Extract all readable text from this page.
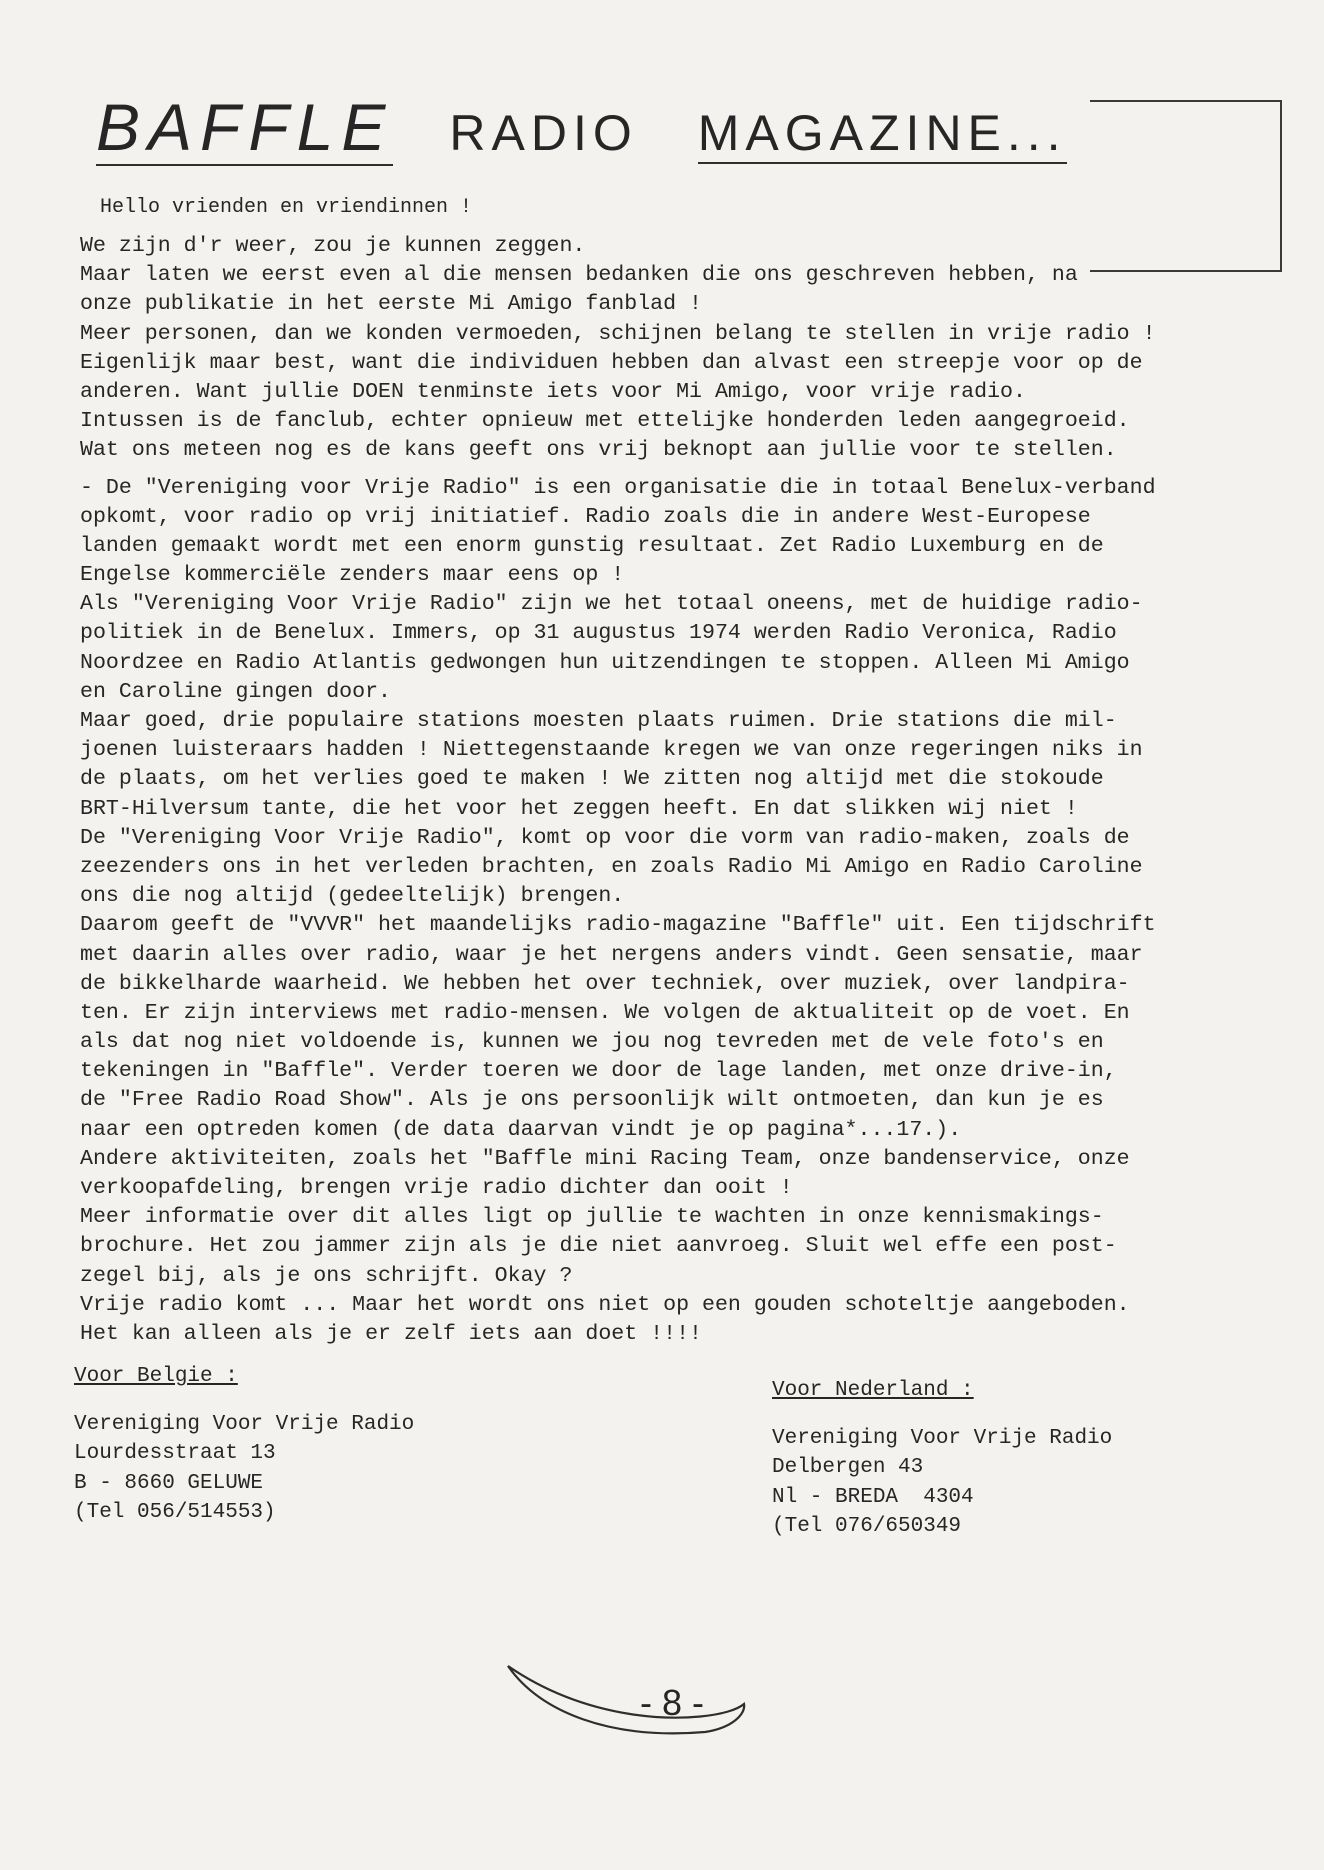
BAFFLE RADIO MAGAZINE...
Hello vrienden en vriendinnen !
We zijn d'r weer, zou je kunnen zeggen.
Maar laten we eerst even al die mensen bedanken die ons geschreven hebben, na
onze publikatie in het eerste Mi Amigo fanblad !
Meer personen, dan we konden vermoeden, schijnen belang te stellen in vrije radio !
Eigenlijk maar best, want die individuen hebben dan alvast een streepje voor op de
anderen. Want jullie DOEN tenminste iets voor Mi Amigo, voor vrije radio.
Intussen is de fanclub, echter opnieuw met ettelijke honderden leden aangegroeid.
Wat ons meteen nog es de kans geeft ons vrij beknopt aan jullie voor te stellen.
- De "Vereniging voor Vrije Radio" is een organisatie die in totaal Benelux-verband
opkomt, voor radio op vrij initiatief. Radio zoals die in andere West-Europese
landen gemaakt wordt met een enorm gunstig resultaat. Zet Radio Luxemburg en de
Engelse kommerciële zenders maar eens op !
Als "Vereniging Voor Vrije Radio" zijn we het totaal oneens, met de huidige radio-
politiek in de Benelux. Immers, op 31 augustus 1974 werden Radio Veronica, Radio
Noordzee en Radio Atlantis gedwongen hun uitzendingen te stoppen. Alleen Mi Amigo
en Caroline gingen door.
Maar goed, drie populaire stations moesten plaats ruimen. Drie stations die mil-
joenen luisteraars hadden ! Niettegenstaande kregen we van onze regeringen niks in
de plaats, om het verlies goed te maken ! We zitten nog altijd met die stokoude
BRT-Hilversum tante, die het voor het zeggen heeft. En dat slikken wij niet !
De "Vereniging Voor Vrije Radio", komt op voor die vorm van radio-maken, zoals de
zeezenders ons in het verleden brachten, en zoals Radio Mi Amigo en Radio Caroline
ons die nog altijd (gedeeltelijk) brengen.
Daarom geeft de "VVVR" het maandelijks radio-magazine "Baffle" uit. Een tijdschrift
met daarin alles over radio, waar je het nergens anders vindt. Geen sensatie, maar
de bikkelharde waarheid. We hebben het over techniek, over muziek, over landpira-
ten. Er zijn interviews met radio-mensen. We volgen de aktualiteit op de voet. En
als dat nog niet voldoende is, kunnen we jou nog tevreden met de vele foto's en
tekeningen in "Baffle". Verder toeren we door de lage landen, met onze drive-in,
de "Free Radio Road Show". Als je ons persoonlijk wilt ontmoeten, dan kun je es
naar een optreden komen (de data daarvan vindt je op pagina*...17.).
Andere aktiviteiten, zoals het "Baffle mini Racing Team, onze bandenservice, onze
verkoopafdeling, brengen vrije radio dichter dan ooit !
Meer informatie over dit alles ligt op jullie te wachten in onze kennismakings-
brochure. Het zou jammer zijn als je die niet aanvroeg. Sluit wel effe een post-
zegel bij, als je ons schrijft. Okay ?
Vrije radio komt ... Maar het wordt ons niet op een gouden schoteltje aangeboden.
Het kan alleen als je er zelf iets aan doet !!!!
Voor Belgie :
Vereniging Voor Vrije Radio
Lourdesstraat 13
B - 8660 GELUWE
(Tel 056/514553)
Voor Nederland :
Vereniging Voor Vrije Radio
Delbergen 43
Nl - BREDA  4304
(Tel 076/650349
- 8 -
